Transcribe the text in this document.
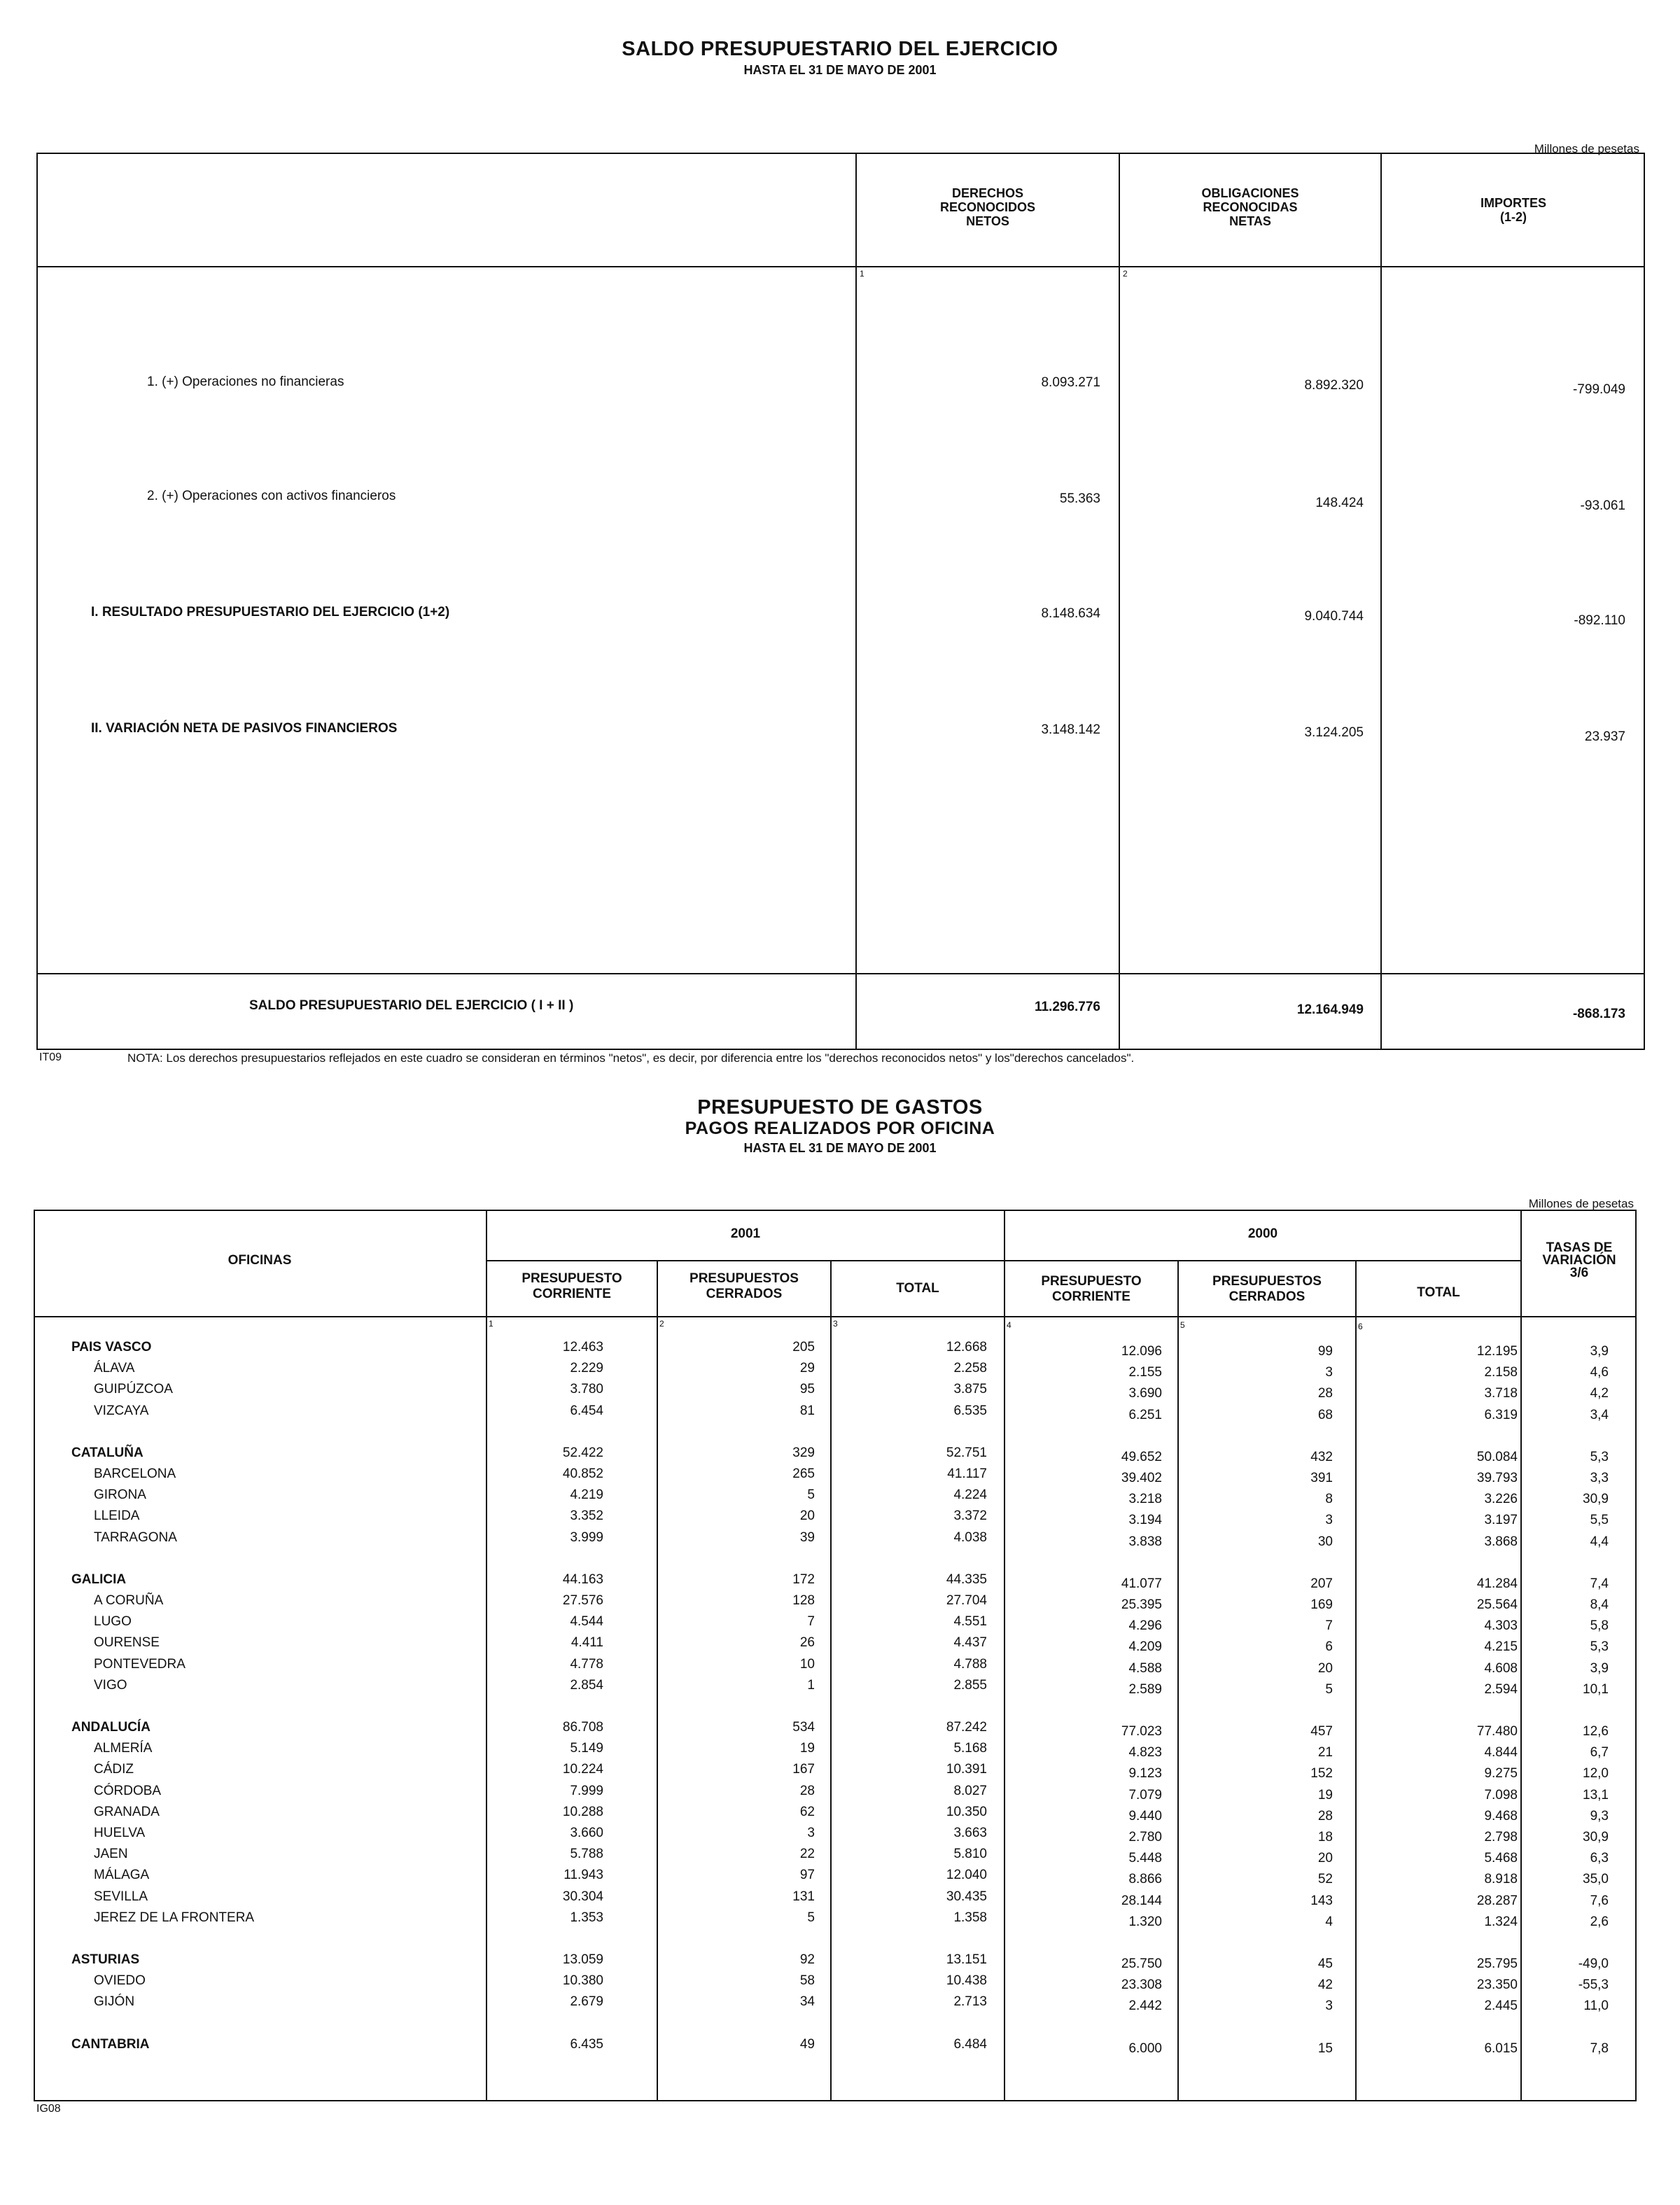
SALDO PRESUPUESTARIO DEL EJERCICIO
HASTA EL 31 DE MAYO DE 2001
Millones de pesetas
DERECHOS
RECONOCIDOS
NETOS
OBLIGACIONES
RECONOCIDAS
NETAS
IMPORTES
(1-2)
1	2
1. (+) Operaciones no financieras	8.093.271	8.892.320	-799.049
2. (+) Operaciones con activos financieros	55.363	148.424	-93.061
I. RESULTADO PRESUPUESTARIO DEL EJERCICIO (1+2)	8.148.634	9.040.744	-892.110
II. VARIACIÓN NETA DE PASIVOS FINANCIEROS	3.148.142	3.124.205	23.937
SALDO PRESUPUESTARIO DEL EJERCICIO ( I + II )	11.296.776	12.164.949	-868.173
IT09	NOTA: Los derechos presupuestarios reflejados en este cuadro se consideran en términos "netos", es decir, por diferencia entre los "derechos reconocidos netos" y los"derechos cancelados".
PRESUPUESTO DE GASTOS
PAGOS REALIZADOS POR OFICINA
HASTA EL 31 DE MAYO DE 2001
Millones de pesetas
OFICINAS
2001	2000
PRESUPUESTO
CORRIENTE
PRESUPUESTOS
CERRADOS	TOTAL	PRESUPUESTO
CORRIENTE
PRESUPUESTOS
CERRADOS	TOTAL
TASAS DE
VARIACIÓN
3/6
1	2	3	4	5	6
PAIS VASCO	12.463	205	12.668	12.096	99	12.195	3,9
ÁLAVA	2.229	29	2.258	2.155	3	2.158	4,6
GUIPÚZCOA	3.780	95	3.875	3.690	28	3.718	4,2
VIZCAYA	6.454	81	6.535	6.251	68	6.319	3,4
CATALUÑA	52.422	329	52.751	49.652	432	50.084	5,3
BARCELONA	40.852	265	41.117	39.402	391	39.793	3,3
GIRONA	4.219	5	4.224	3.218	8	3.226	30,9
LLEIDA	3.352	20	3.372	3.194	3	3.197	5,5
TARRAGONA	3.999	39	4.038	3.838	30	3.868	4,4
GALICIA	44.163	172	44.335	41.077	207	41.284	7,4
A CORUÑA	27.576	128	27.704	25.395	169	25.564	8,4
LUGO	4.544	7	4.551	4.296	7	4.303	5,8
OURENSE	4.411	26	4.437	4.209	6	4.215	5,3
PONTEVEDRA	4.778	10	4.788	4.588	20	4.608	3,9
VIGO	2.854	1	2.855	2.589	5	2.594	10,1
ANDALUCÍA	86.708	534	87.242	77.023	457	77.480	12,6
ALMERÍA	5.149	19	5.168	4.823	21	4.844	6,7
CÁDIZ	10.224	167	10.391	9.123	152	9.275	12,0
CÓRDOBA	7.999	28	8.027	7.079	19	7.098	13,1
GRANADA	10.288	62	10.350	9.440	28	9.468	9,3
HUELVA	3.660	3	3.663	2.780	18	2.798	30,9
JAEN	5.788	22	5.810	5.448	20	5.468	6,3
MÁLAGA	11.943	97	12.040	8.866	52	8.918	35,0
SEVILLA	30.304	131	30.435	28.144	143	28.287	7,6
JEREZ DE LA FRONTERA	1.353	5	1.358	1.320	4	1.324	2,6
ASTURIAS	13.059	92	13.151	25.750	45	25.795	-49,0
OVIEDO	10.380	58	10.438	23.308	42	23.350	-55,3
GIJÓN	2.679	34	2.713	2.442	3	2.445	11,0
CANTABRIA	6.435	49	6.484	6.000	15	6.015	7,8
IG08
